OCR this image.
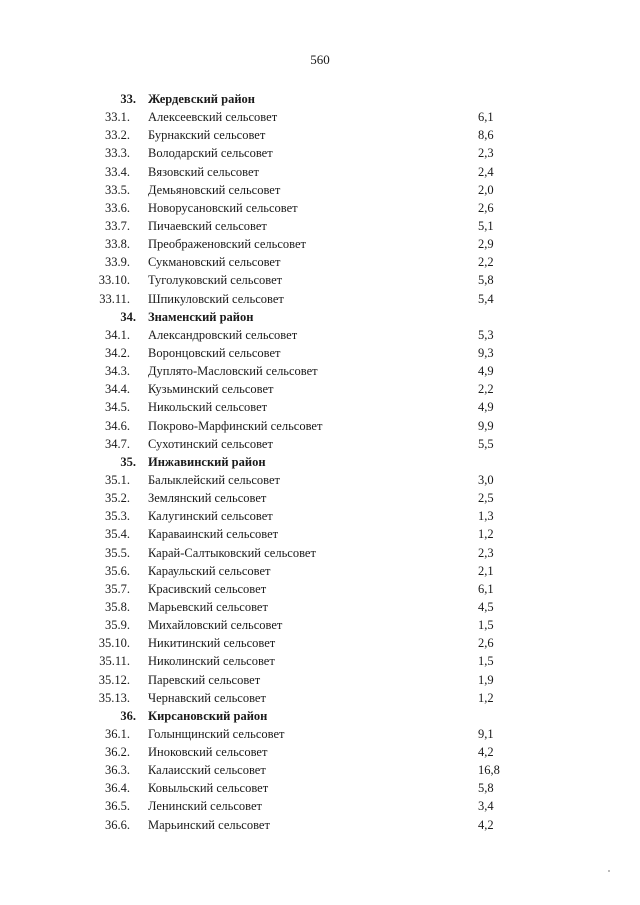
560
33. Жердевский район
33.1. Алексеевский сельсовет	6,1
33.2. Бурнакский сельсовет	8,6
33.3. Володарский сельсовет	2,3
33.4. Вязовский сельсовет	2,4
33.5. Демьяновский сельсовет	2,0
33.6. Новорусановский сельсовет	2,6
33.7. Пичаевский сельсовет	5,1
33.8. Преображеновский сельсовет	2,9
33.9. Сукмановский сельсовет	2,2
33.10. Туголуковский сельсовет	5,8
33.11. Шпикуловский сельсовет	5,4
34. Знаменский район
34.1. Александровский сельсовет	5,3
34.2. Воронцовский сельсовет	9,3
34.3. Дуплято-Масловский сельсовет	4,9
34.4. Кузьминский сельсовет	2,2
34.5. Никольский сельсовет	4,9
34.6. Покрово-Марфинский сельсовет	9,9
34.7. Сухотинский сельсовет	5,5
35. Инжавинский район
35.1. Балыклейский сельсовет	3,0
35.2. Землянский сельсовет	2,5
35.3. Калугинский сельсовет	1,3
35.4. Караваинский сельсовет	1,2
35.5. Карай-Салтыковский сельсовет	2,3
35.6. Караульский сельсовет	2,1
35.7. Красивский сельсовет	6,1
35.8. Марьевский сельсовет	4,5
35.9. Михайловский сельсовет	1,5
35.10. Никитинский сельсовет	2,6
35.11. Николинский сельсовет	1,5
35.12. Паревский сельсовет	1,9
35.13. Чернавский сельсовет	1,2
36. Кирсановский район
36.1. Голынщинский сельсовет	9,1
36.2. Иноковский сельсовет	4,2
36.3. Калаисский сельсовет	16,8
36.4. Ковыльский сельсовет	5,8
36.5. Ленинский сельсовет	3,4
36.6. Марьинский сельсовет	4,2
